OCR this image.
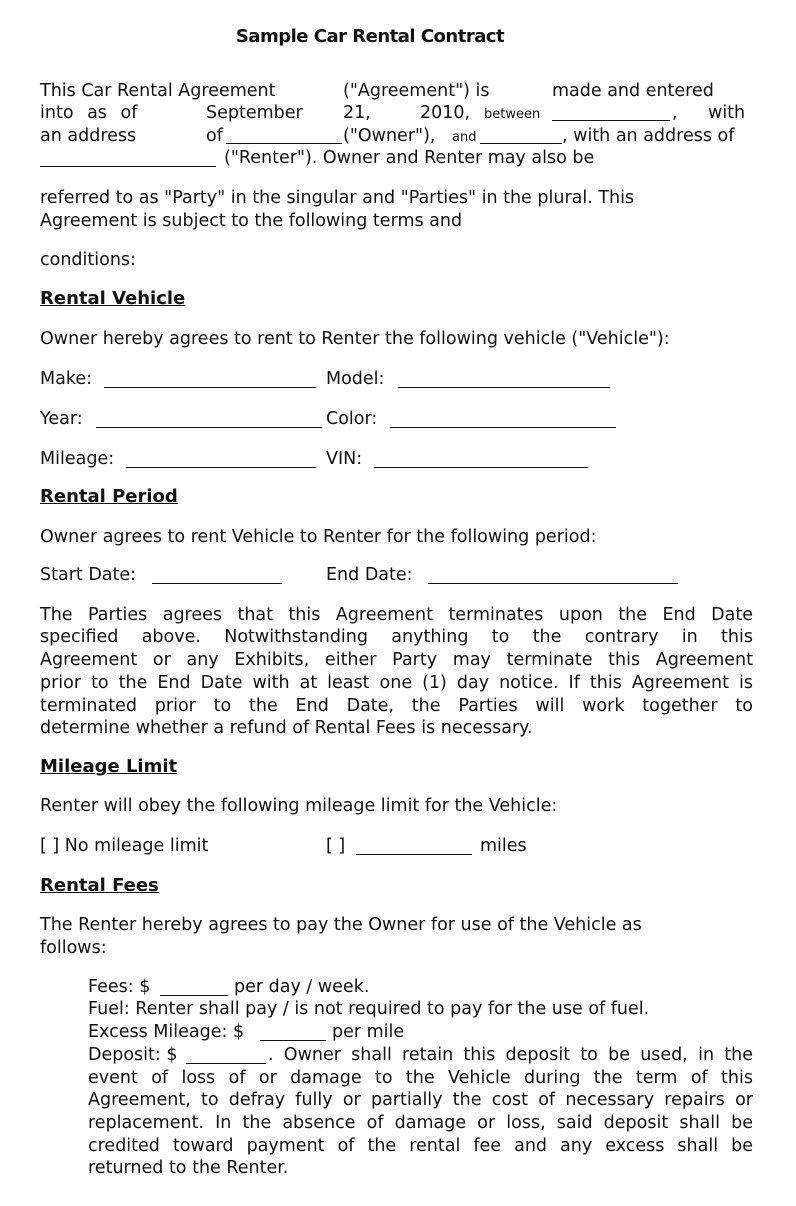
Sample Car Rental Contract
This Car Rental Agreement	("Agreement") is	made and entered
into as of	September 21,	2010, between	, with
an address	of	("Owner"), and	, with an address of
("Renter"). Owner and Renter may also be
referred to as "Party" in the singular and "Parties" in the plural. This
Agreement is subject to the following terms and
conditions:
Rental Vehicle
Owner hereby agrees to rent to Renter the following vehicle ("Vehicle"):
Make:	Model:
Year:	Color:
Mileage:	VIN:
Rental Period
Owner agrees to rent Vehicle to Renter for the following period:
Start Date:	End Date:
The Parties agrees that this Agreement terminates upon the End Date
specified above. Notwithstanding anything to the contrary in this
Agreement or any Exhibits, either Party may terminate this Agreement
prior to the End Date with at least one (1) day notice. If this Agreement is
terminated prior to the End Date, the Parties will work together to
determine whether a refund of Rental Fees is necessary.
Mileage Limit
Renter will obey the following mileage limit for the Vehicle:
[ ] No mileage limit	[ ]	miles
Rental Fees
The Renter hereby agrees to pay the Owner for use of the Vehicle as
follows:
Fees: $	per day / week.
Fuel: Renter shall pay / is not required to pay for the use of fuel.
Excess Mileage: $	per mile
Deposit: $	. Owner shall retain this deposit to be used, in the
event of loss of or damage to the Vehicle during the term of this
Agreement, to defray fully or partially the cost of necessary repairs or
replacement. In the absence of damage or loss, said deposit shall be
credited toward payment of the rental fee and any excess shall be
returned to the Renter.
